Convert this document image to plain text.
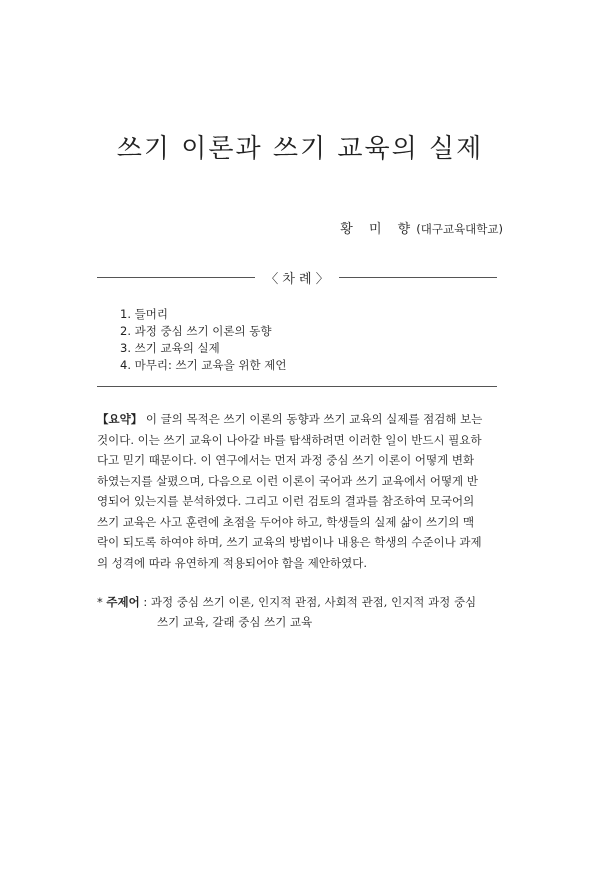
쓰기 이론과 쓰기 교육의 실제
황 미 향(대구교육대학교)
〈 차 례 〉
1. 들머리
2. 과정 중심 쓰기 이론의 동향
3. 쓰기 교육의 실제
4. 마무리: 쓰기 교육을 위한 제언
【요약】 이 글의 목적은 쓰기 이론의 동향과 쓰기 교육의 실제를 점검해 보는
것이다. 이는 쓰기 교육이 나아갈 바를 탐색하려면 이러한 일이 반드시 필요하
다고 믿기 때문이다. 이 연구에서는 먼저 과정 중심 쓰기 이론이 어떻게 변화
하였는지를 살폈으며, 다음으로 이런 이론이 국어과 쓰기 교육에서 어떻게 반
영되어 있는지를 분석하였다. 그리고 이런 검토의 결과를 참조하여 모국어의
쓰기 교육은 사고 훈련에 초점을 두어야 하고, 학생들의 실제 삶이 쓰기의 맥
락이 되도록 하여야 하며, 쓰기 교육의 방법이나 내용은 학생의 수준이나 과제
의 성격에 따라 유연하게 적용되어야 함을 제안하였다.
* 주제어 : 과정 중심 쓰기 이론, 인지적 관점, 사회적 관점, 인지적 과정 중심
쓰기 교육, 갈래 중심 쓰기 교육
